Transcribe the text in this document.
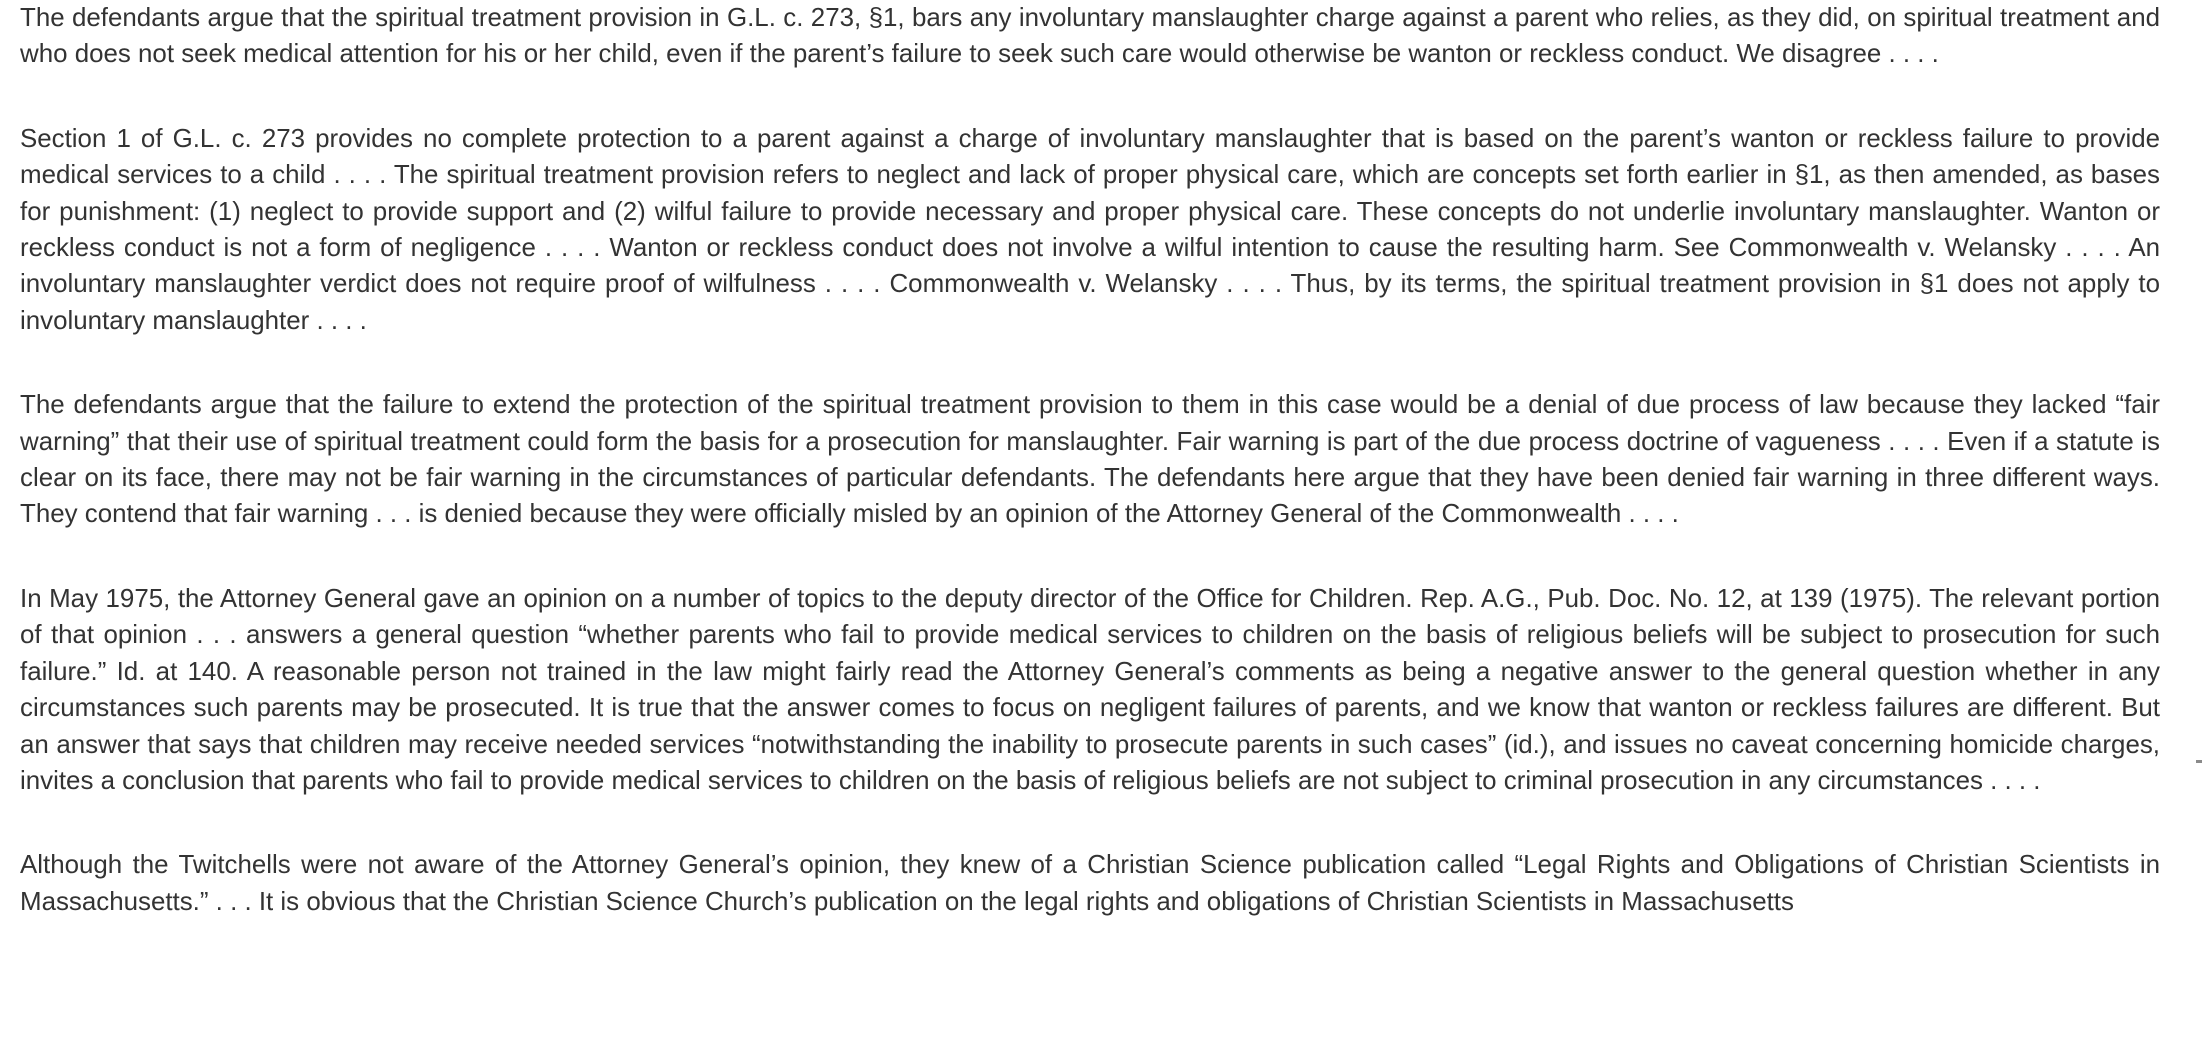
The defendants argue that the spiritual treatment provision in G.L. c. 273, §1, bars any involuntary manslaughter charge against a parent who relies, as they did, on spiritual treatment and who does not seek medical attention for his or her child, even if the parent’s failure to seek such care would otherwise be wanton or reckless conduct. We disagree . . . .

Section 1 of G.L. c. 273 provides no complete protection to a parent against a charge of involuntary manslaughter that is based on the parent’s wanton or reckless failure to provide medical services to a child . . . . The spiritual treatment provision refers to neglect and lack of proper physical care, which are concepts set forth earlier in §1, as then amended, as bases for punishment: (1) neglect to provide support and (2) wilful failure to provide necessary and proper physical care. These concepts do not underlie involuntary manslaughter. Wanton or reckless conduct is not a form of negligence . . . . Wanton or reckless conduct does not involve a wilful intention to cause the resulting harm. See Commonwealth v. Welansky . . . . An involuntary manslaughter verdict does not require proof of wilfulness . . . . Commonwealth v. Welansky . . . . Thus, by its terms, the spiritual treatment provision in §1 does not apply to involuntary manslaughter . . . .

The defendants argue that the failure to extend the protection of the spiritual treatment provision to them in this case would be a denial of due process of law because they lacked “fair warning” that their use of spiritual treatment could form the basis for a prosecution for manslaughter. Fair warning is part of the due process doctrine of vagueness . . . . Even if a statute is clear on its face, there may not be fair warning in the circumstances of particular defendants. The defendants here argue that they have been denied fair warning in three different ways. They contend that fair warning . . . is denied because they were officially misled by an opinion of the Attorney General of the Commonwealth . . . .

In May 1975, the Attorney General gave an opinion on a number of topics to the deputy director of the Office for Children. Rep. A.G., Pub. Doc. No. 12, at 139 (1975). The relevant portion of that opinion . . . answers a general question “whether parents who fail to provide medical services to children on the basis of religious beliefs will be subject to prosecution for such failure.” Id. at 140. A reasonable person not trained in the law might fairly read the Attorney General’s comments as being a negative answer to the general question whether in any circumstances such parents may be prosecuted. It is true that the answer comes to focus on negligent failures of parents, and we know that wanton or reckless failures are different. But an answer that says that children may receive needed services “notwithstanding the inability to prosecute parents in such cases” (id.), and issues no caveat concerning homicide charges, invites a conclusion that parents who fail to provide medical services to children on the basis of religious beliefs are not subject to criminal prosecution in any circumstances . . . .

Although the Twitchells were not aware of the Attorney General’s opinion, they knew of a Christian Science publication called “Legal Rights and Obligations of Christian Scientists in Massachusetts.” . . . It is obvious that the Christian Science Church’s publication on the legal rights and obligations of Christian Scientists in Massachusetts
